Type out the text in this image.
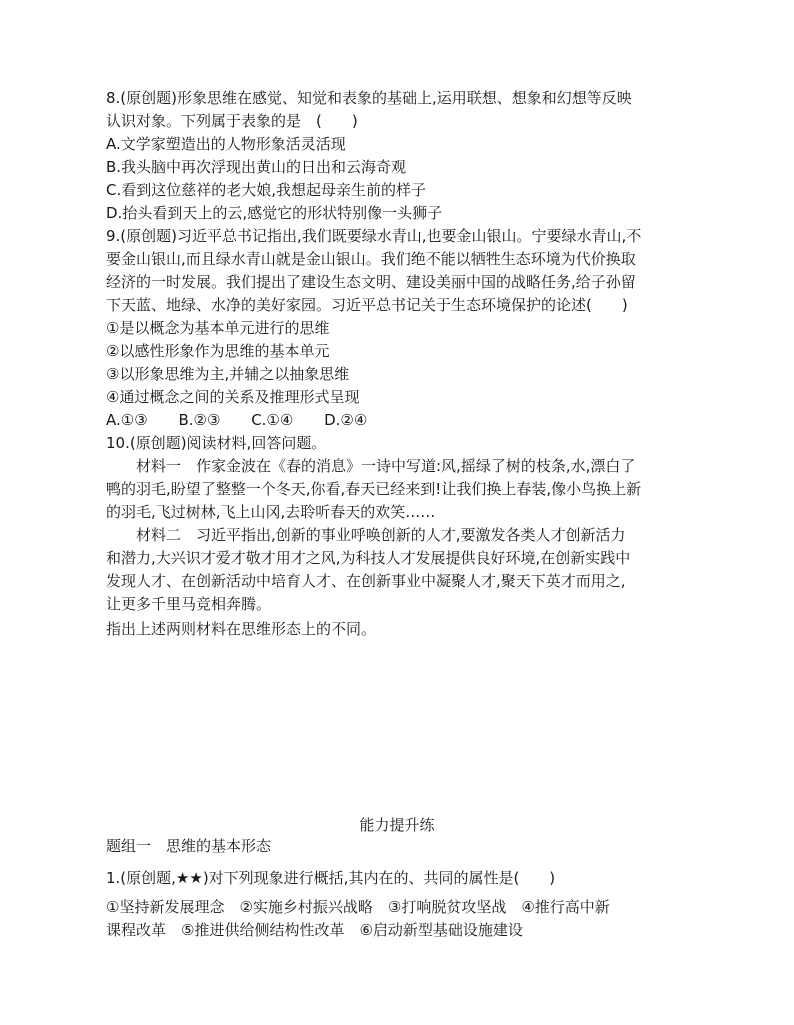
8.(原创题)形象思维在感觉、知觉和表象的基础上,运用联想、想象和幻想等反映
认识对象。下列属于表象的是　(　　)
A.文学家塑造出的人物形象活灵活现
B.我头脑中再次浮现出黄山的日出和云海奇观
C.看到这位慈祥的老大娘,我想起母亲生前的样子
D.抬头看到天上的云,感觉它的形状特别像一头狮子
9.(原创题)习近平总书记指出,我们既要绿水青山,也要金山银山。宁要绿水青山,不
要金山银山,而且绿水青山就是金山银山。我们绝不能以牺牲生态环境为代价换取
经济的一时发展。我们提出了建设生态文明、建设美丽中国的战略任务,给子孙留
下天蓝、地绿、水净的美好家园。习近平总书记关于生态环境保护的论述(　　)
①是以概念为基本单元进行的思维
②以感性形象作为思维的基本单元
③以形象思维为主,并辅之以抽象思维
④通过概念之间的关系及推理形式呈现
A.①③ B.②③ C.①④ D.②④
10.(原创题)阅读材料,回答问题。
材料一　作家金波在《春的消息》一诗中写道:风,摇绿了树的枝条,水,漂白了
鸭的羽毛,盼望了整整一个冬天,你看,春天已经来到!让我们换上春装,像小鸟换上新
的羽毛,飞过树林,飞上山冈,去聆听春天的欢笑……
材料二　习近平指出,创新的事业呼唤创新的人才,要激发各类人才创新活力
和潜力,大兴识才爱才敬才用才之风,为科技人才发展提供良好环境,在创新实践中
发现人才、在创新活动中培育人才、在创新事业中凝聚人才,聚天下英才而用之,
让更多千里马竞相奔腾。
指出上述两则材料在思维形态上的不同。
能力提升练
题组一　思维的基本形态
1.(原创题,★★)对下列现象进行概括,其内在的、共同的属性是(　　)
①坚持新发展理念　②实施乡村振兴战略　③打响脱贫攻坚战　④推行高中新
课程改革　⑤推进供给侧结构性改革　⑥启动新型基础设施建设
